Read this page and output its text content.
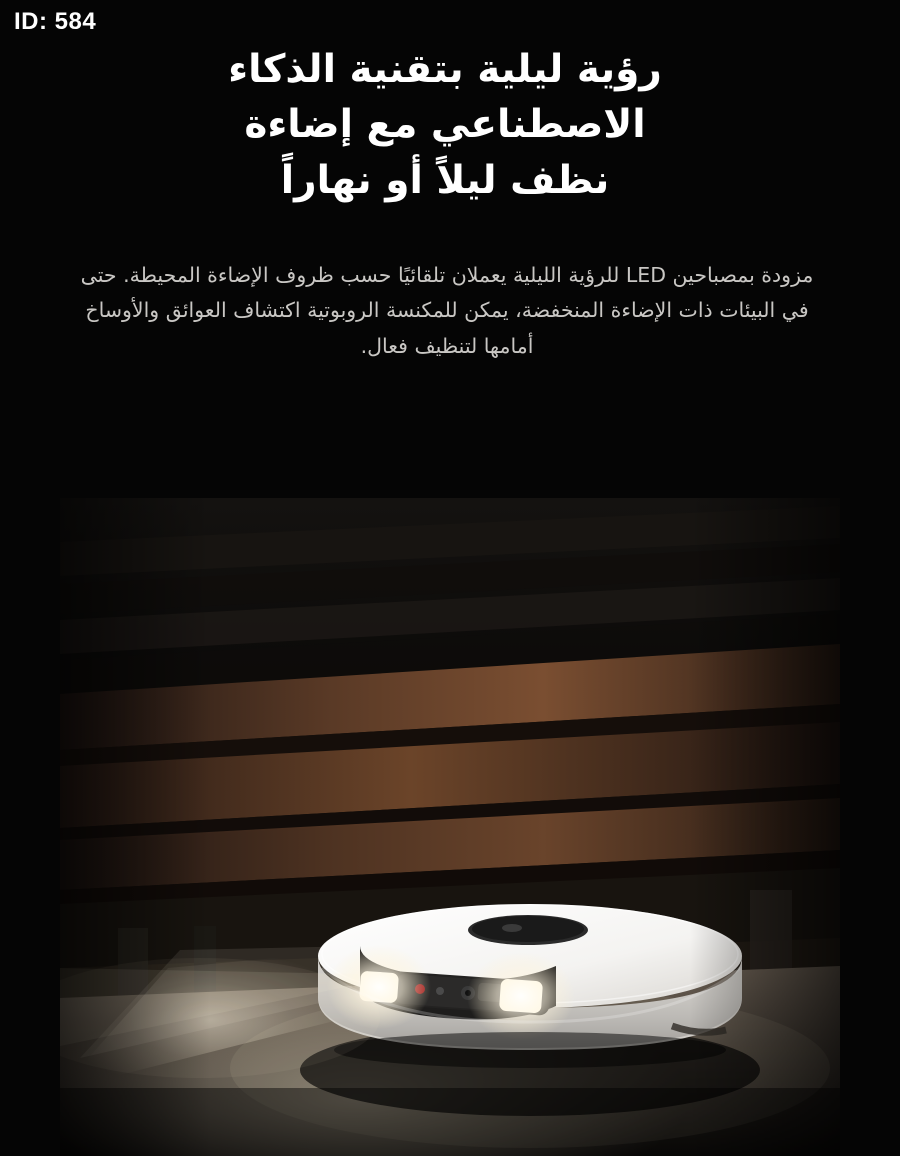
ID: 584
رؤية ليلية بتقنية الذكاء
الاصطناعي مع إضاءة
نظف ليلاً أو نهاراً

مزودة بمصباحين LED للرؤية الليلية يعملان تلقائيًا حسب ظروف الإضاءة المحيطة. حتى في البيئات ذات الإضاءة المنخفضة، يمكن للمكنسة الروبوتية اكتشاف العوائق والأوساخ أمامها لتنظيف فعال.
